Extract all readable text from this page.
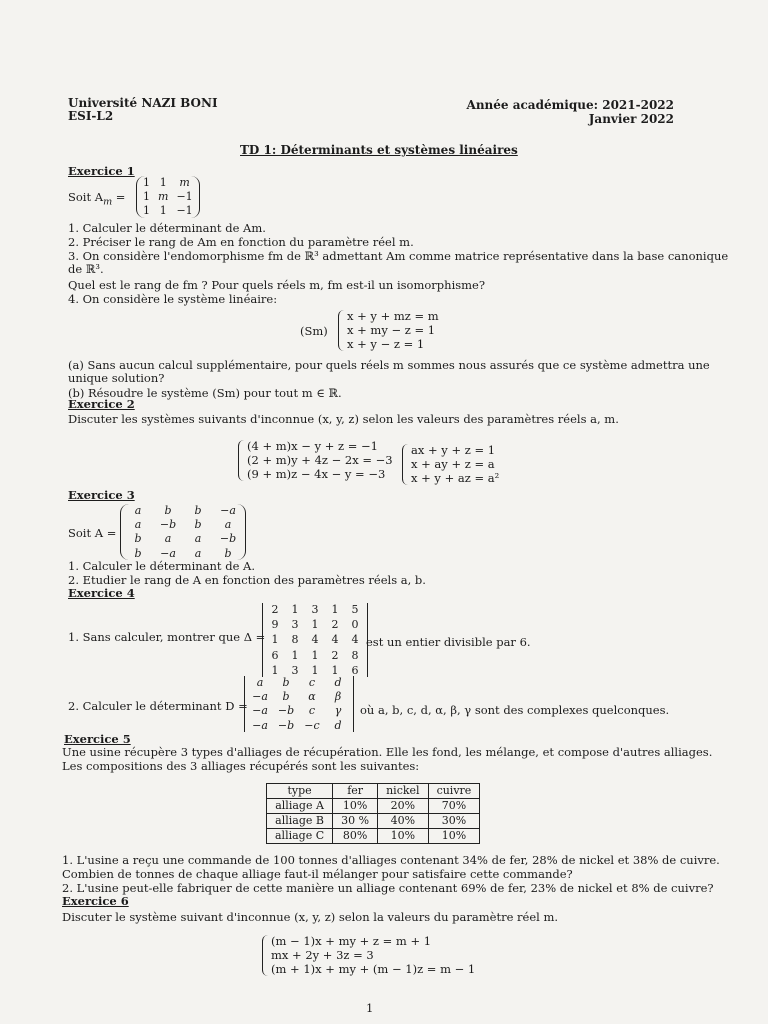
Université NAZI BONI
ESI-L2
Année académique: 2021-2022
Janvier 2022
TD 1: Déterminants et systèmes linéaires
Exercice 1
Soit $A_m$ =
1 1 m
1 m −1
1 1 −1
1. Calculer le déterminant de Am.
2. Préciser le rang de Am en fonction du paramètre réel m.
3. On considère l'endomorphisme fm de ℝ³ admettant Am comme matrice représentative dans la base canonique
de ℝ³.
Quel est le rang de fm ? Pour quels réels m, fm est-il un isomorphisme?
4. On considère le système linéaire:
(Sm)
x + y + mz = m
x + my − z = 1
x + y − z = 1
(a) Sans aucun calcul supplémentaire, pour quels réels m sommes nous assurés que ce système admettra une
unique solution?
(b) Résoudre le système (Sm) pour tout m ∈ ℝ.
Exercice 2
Discuter les systèmes suivants d'inconnue (x, y, z) selon les valeurs des paramètres réels a, m.
(4 + m)x − y + z = −1
(2 + m)y + 4z − 2x = −3
(9 + m)z − 4x − y = −3
ax + y + z = 1
x + ay + z = a
x + y + az = a²
Exercice 3
Soit A =
a	b	b	−a
a	−b	b	a
b	a	a	−b
b	−a	a	b
1. Calculer le déterminant de A.
2. Etudier le rang de A en fonction des paramètres réels a, b.
Exercice 4
1. Sans calculer, montrer que Δ =
2 1 3 1 5
9 3 1 2 0
1 8 4 4 4
6 1 1 2 8
1 3 1 1 6
est un entier divisible par 6.
2. Calculer le déterminant D =
a	b	c	d
−a	b	α	β
−a −b	c	γ
−a −b −c	d
où a, b, c, d, α, β, γ sont des complexes quelconques.
Exercice 5
Une usine récupère 3 types d'alliages de récupération. Elle les fond, les mélange, et compose d'autres alliages.
Les compositions des 3 alliages récupérés sont les suivantes:
type	fer	nickel	cuivre
alliage A	10%	20%	70%
alliage B	30 %	40%	30%
alliage C	80%	10%	10%
1. L'usine a reçu une commande de 100 tonnes d'alliages contenant 34% de fer, 28% de nickel et 38% de cuivre.
Combien de tonnes de chaque alliage faut-il mélanger pour satisfaire cette commande?
2. L'usine peut-elle fabriquer de cette manière un alliage contenant 69% de fer, 23% de nickel et 8% de cuivre?
Exercice 6
Discuter le système suivant d'inconnue (x, y, z) selon la valeurs du paramètre réel m.
(m − 1)x + my + z = m + 1
mx + 2y + 3z = 3
(m + 1)x + my + (m − 1)z = m − 1
1
